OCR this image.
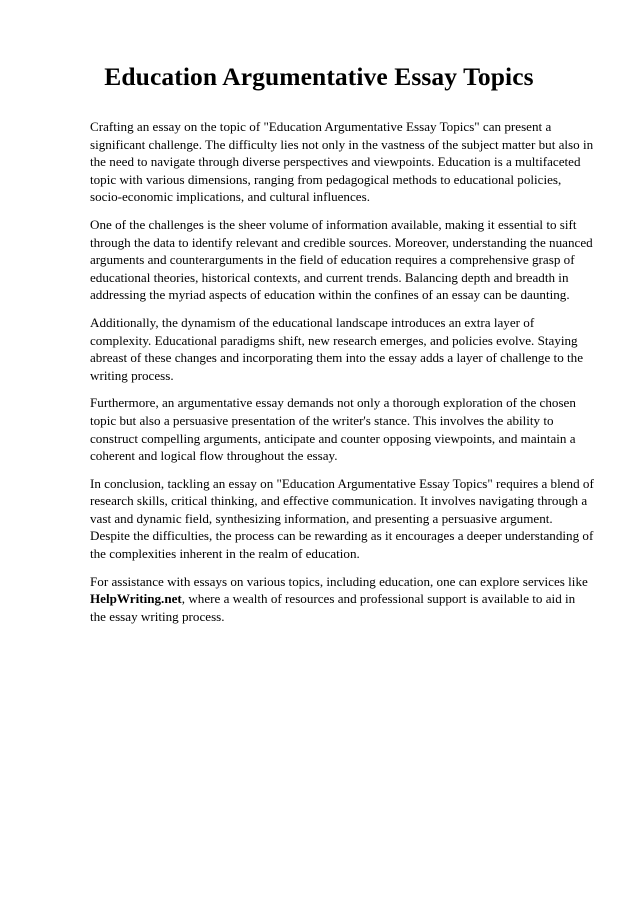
Education Argumentative Essay Topics

Crafting an essay on the topic of "Education Argumentative Essay Topics" can present a significant challenge. The difficulty lies not only in the vastness of the subject matter but also in the need to navigate through diverse perspectives and viewpoints. Education is a multifaceted topic with various dimensions, ranging from pedagogical methods to educational policies, socio-economic implications, and cultural influences.

One of the challenges is the sheer volume of information available, making it essential to sift through the data to identify relevant and credible sources. Moreover, understanding the nuanced arguments and counterarguments in the field of education requires a comprehensive grasp of educational theories, historical contexts, and current trends. Balancing depth and breadth in addressing the myriad aspects of education within the confines of an essay can be daunting.

Additionally, the dynamism of the educational landscape introduces an extra layer of complexity. Educational paradigms shift, new research emerges, and policies evolve. Staying abreast of these changes and incorporating them into the essay adds a layer of challenge to the writing process.

Furthermore, an argumentative essay demands not only a thorough exploration of the chosen topic but also a persuasive presentation of the writer's stance. This involves the ability to construct compelling arguments, anticipate and counter opposing viewpoints, and maintain a coherent and logical flow throughout the essay.

In conclusion, tackling an essay on "Education Argumentative Essay Topics" requires a blend of research skills, critical thinking, and effective communication. It involves navigating through a vast and dynamic field, synthesizing information, and presenting a persuasive argument. Despite the difficulties, the process can be rewarding as it encourages a deeper understanding of the complexities inherent in the realm of education.

For assistance with essays on various topics, including education, one can explore services like HelpWriting.net, where a wealth of resources and professional support is available to aid in the essay writing process.
